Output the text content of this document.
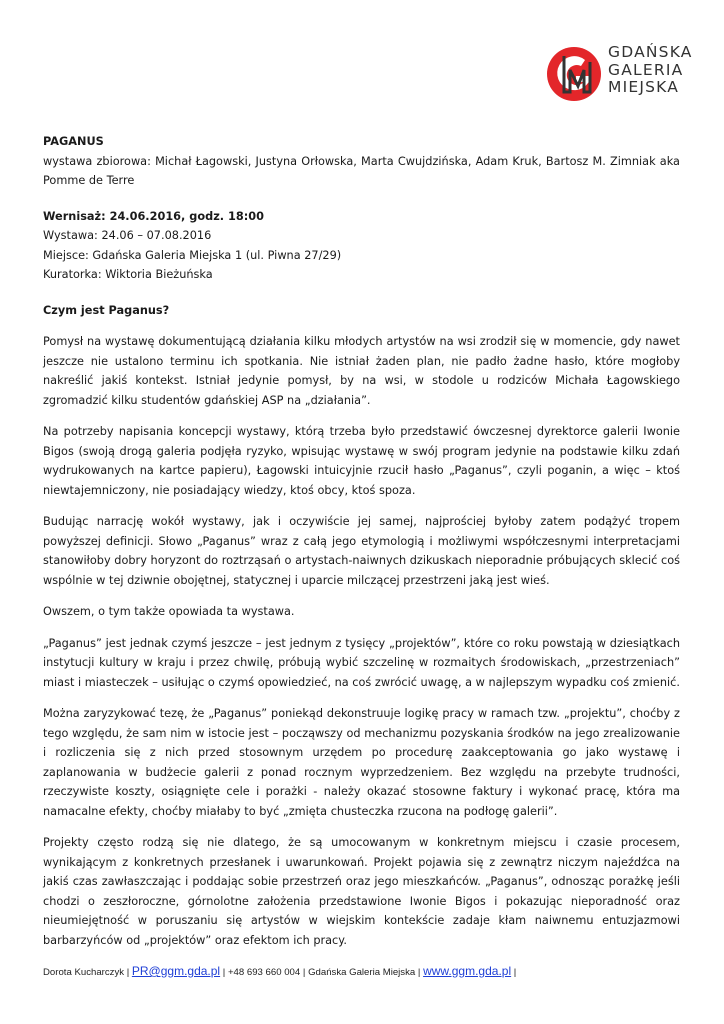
GDAŃSKA
GALERIA
MIEJSKA

PAGANUS

wystawa zbiorowa: Michał Łagowski, Justyna Orłowska, Marta Cwujdzińska, Adam Kruk, Bartosz M. Zimniak aka Pomme de Terre

Wernisaż: 24.06.2016, godz. 18:00

Wystawa: 24.06 – 07.08.2016

Miejsce: Gdańska Galeria Miejska 1 (ul. Piwna 27/29)

Kuratorka: Wiktoria Bieżuńska

Czym jest Paganus?

Pomysł na wystawę dokumentującą działania kilku młodych artystów na wsi zrodził się w momencie, gdy nawet jeszcze nie ustalono terminu ich spotkania. Nie istniał żaden plan, nie padło żadne hasło, które mogłoby nakreślić jakiś kontekst. Istniał jedynie pomysł, by na wsi, w stodole u rodziców Michała Łagowskiego zgromadzić kilku studentów gdańskiej ASP na „działania”.

Na potrzeby napisania koncepcji wystawy, którą trzeba było przedstawić ówczesnej dyrektorce galerii Iwonie Bigos (swoją drogą galeria podjęła ryzyko, wpisując wystawę w swój program jedynie na podstawie kilku zdań wydrukowanych na kartce papieru), Łagowski intuicyjnie rzucił hasło „Paganus”, czyli poganin, a więc – ktoś niewtajemniczony, nie posiadający wiedzy, ktoś obcy, ktoś spoza.

Budując narrację wokół wystawy, jak i oczywiście jej samej, najprościej byłoby zatem podążyć tropem powyższej definicji. Słowo „Paganus” wraz z całą jego etymologią i możliwymi współczesnymi interpretacjami stanowiłoby dobry horyzont do roztrząsań o artystach-naiwnych dzikuskach nieporadnie próbujących sklecić coś wspólnie w tej dziwnie obojętnej, statycznej i uparcie milczącej przestrzeni jaką jest wieś.

Owszem, o tym także opowiada ta wystawa.

„Paganus” jest jednak czymś jeszcze – jest jednym z tysięcy „projektów”, które co roku powstają w dziesiątkach instytucji kultury w kraju i przez chwilę, próbują wybić szczelinę w rozmaitych środowiskach, „przestrzeniach” miast i miasteczek – usiłując o czymś opowiedzieć, na coś zwrócić uwagę, a w najlepszym wypadku coś zmienić.

Można zaryzykować tezę, że „Paganus” poniekąd dekonstruuje logikę pracy w ramach tzw. „projektu”, choćby z tego względu, że sam nim w istocie jest – począwszy od mechanizmu pozyskania środków na jego zrealizowanie i rozliczenia się z nich przed stosownym urzędem po procedurę zaakceptowania go jako wystawę i zaplanowania w budżecie galerii z ponad rocznym wyprzedzeniem. Bez względu na przebyte trudności, rzeczywiste koszty, osiągnięte cele i porażki - należy okazać stosowne faktury i wykonać pracę, która ma namacalne efekty, choćby miałaby to być „zmięta chusteczka rzucona na podłogę galerii”.

Projekty często rodzą się nie dlatego, że są umocowanym w konkretnym miejscu i czasie procesem, wynikającym z konkretnych przesłanek i uwarunkowań. Projekt pojawia się z zewnątrz niczym najeźdźca na jakiś czas zawłaszczając i poddając sobie przestrzeń oraz jego mieszkańców. „Paganus”, odnosząc porażkę jeśli chodzi o zeszłoroczne, górnolotne założenia przedstawione Iwonie Bigos i pokazując nieporadność oraz nieumiejętność w poruszaniu się artystów w wiejskim kontekście zadaje kłam naiwnemu entuzjazmowi barbarzyńców od „projektów” oraz efektom ich pracy.

Dorota Kucharczyk | PR@ggm.gda.pl | +48 693 660 004 | Gdańska Galeria Miejska | www.ggm.gda.pl |
